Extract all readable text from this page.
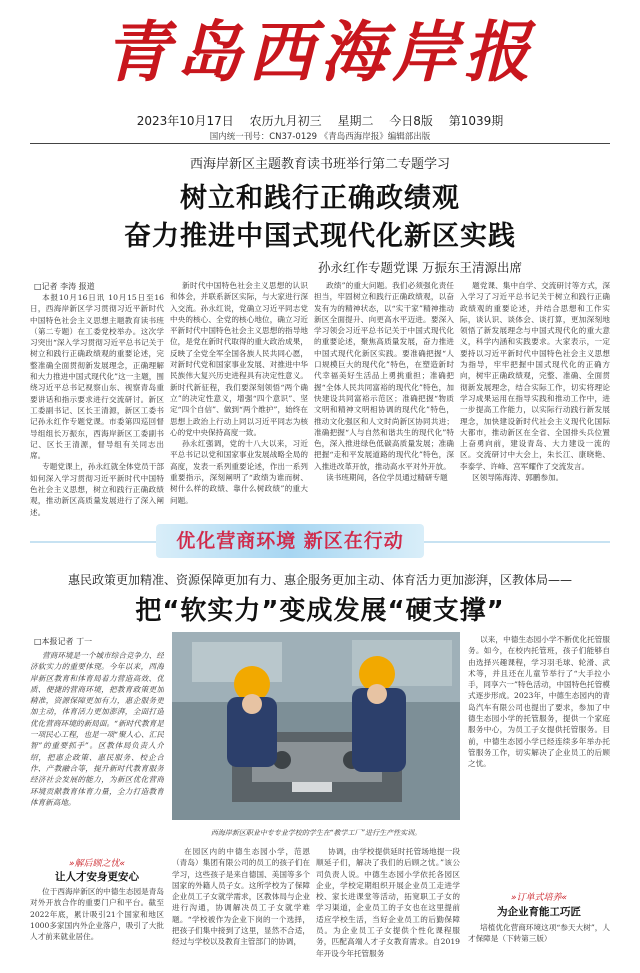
青岛西海岸报
2023年10月17日 农历九月初三 星期二 今日8版 第1039期
国内统一刊号：CN37-0129 《青岛西海岸报》编辑部出版
西海岸新区主题教育读书班举行第二专题学习
树立和践行正确政绩观
奋力推进中国式现代化新区实践
孙永红作专题党课 万振东王清源出席
□记者 李涛 报道

本报10月16日讯 10月15日至16日，西海岸新区学习贯彻习近平新时代中国特色社会主义思想主题教育读书班（第二专题）在工委党校举办。这次学习突出“深入学习贯彻习近平总书记关于树立和践行正确政绩观的重要论述，完整准确全面贯彻新发展理念，正确理解和大力推进中国式现代化”这一主题，围绕习近平总书记视察山东、视察青岛重要讲话和指示要求进行交流研讨。新区工委副书记、区长王清源，新区工委书记孙永红作专题党课。市委第四巡回督导组组长万振东，西海岸新区工委副书记、区长王清源，督导组有关同志出席。

专题党课上，孙永红就全体党员干部如何深入学习贯彻习近平新时代中国特色社会主义思想，树立和践行正确政绩观，推动新区高质量发展进行了深入阐述。

新时代中国特色社会主义思想的认识和体会，并联系新区实际，与大家进行深入交流。孙永红说，党确立习近平同志党中央的核心、全党的核心地位，确立习近平新时代中国特色社会主义思想的指导地位，是党在新时代取得的重大政治成果，反映了全党全军全国各族人民共同心愿，对新时代党和国家事业发展、对推进中华民族伟大复兴历史进程具有决定性意义。新时代新征程，我们要深刻领悟“两个确立”的决定性意义，增强“四个意识”、坚定“四个自信”、做到“两个维护”，始终在思想上政治上行动上同以习近平同志为核心的党中央保持高度一致。

孙永红强调，党的十八大以来，习近平总书记以党和国家事业发展战略全局的高度，发表一系列重要论述，作出一系列重要指示，深刻阐明了“政绩为谁而树、树什么样的政绩、靠什么树政绩”的重大问题。

政绩”的重大问题。我们必须强化责任担当，牢固树立和践行正确政绩观，以奋发有为的精神状态，以“实干家”精神推动新区全面提升、向更高水平迈进。要深入学习领会习近平总书记关于中国式现代化的重要论述，聚焦高质量发展，奋力推进中国式现代化新区实践。要准确把握“人口规模巨大的现代化”特色，在塑造新时代幸福美好生活品上勇挑重担；准确把握“全体人民共同富裕的现代化”特色，加快建设共同富裕示范区；准确把握“物质文明和精神文明相协调的现代化”特色，推动文化强区和人文时尚新区协同共进；准确把握“人与自然和谐共生的现代化”特色，深入推进绿色低碳高质量发展；准确把握“走和平发展道路的现代化”特色，深入推进改革开放，推动高水平对外开放。

读书班期间，各位学员通过精研专题

题党课、集中自学、交流研讨等方式，深入学习了习近平总书记关于树立和践行正确政绩观的重要论述，并结合思想和工作实际，谈认识、谈体会、谈打算，更加深刻地领悟了新发展理念与中国式现代化的重大意义，科学内涵和实践要求。大家表示，一定要持以习近平新时代中国特色社会主义思想为指导，牢牢把握中国式现代化的正确方向，树牢正确政绩观，完整、准确、全面贯彻新发展理念，结合实际工作，切实将理论学习成果运用在指导实践和推动工作中，进一步提高工作能力，以实际行动践行新发展理念，加快建设新时代社会主义现代化国际大都市，推动新区在全省、全国排头兵位置上奋勇向前，建设青岛、大力建设一流的区。交流研讨中大会上，朱长江、康晓艳、李泰学、许峰、宫军耀作了交流发言。

区领导陈海涛、郭鹏参加。

优化营商环境 新区在行动
惠民政策更加精准、资源保障更加有力、惠企服务更加主动、体育活力更加澎湃，区教体局——
把“软实力”变成发展“硬支撑”
□本报记者 丁一

营商环境是一个城市综合竞争力、经济软实力的重要体现。今年以来，西海岸新区教育和体育局着力营造高效、优质、便捷的营商环境，把教育政策更加精准，资源保障更加有力，惠企服务更加主动，体育活力更加澎湃，全面打造优化营商环境的新局面。“新时代教育是一项民心工程，也是一项“聚人心、汇民智”的重要抓手”。区教体局负责人介绍，把惠企政策、惠民服务、校企合作、产教融合等，提升新时代教育服务经济社会发展的能力，为新区优化营商环境贡献教育体育力量，全力打造教育体育新高地。

»解后顾之忧«
让人才安身更安心

位于西海岸新区的中德生态园是青岛对外开放合作的重要门户和平台。截至2022年底，累计吸引21个国家和地区1000多家国内外企业落户，吸引了大批人才前来就业居住。

西海岸新区职业中专专业学校的学生在“教学工厂”进行生产性实训。

在园区内的中德生态园小学，范恩（青岛）集团有限公司的员工的孩子们在学习，这些孩子是来自德国、美国等多个国家的外籍人员子女。这所学校为了保障企业员工子女就学需求，区教体局与企业进行沟通，协调解决员工子女就学难题。“学校被作为企业下岗的一个选择，把孩子们集中接到了这里，显然不合适，经过与学校以及教育主管部门的协调，

协调，由学校提供延时托管场地提一段顺延子们，解决了我们的后顾之忧。”该公司负责人说。中德生态园小学依托各园区企业，学校定期组织开展企业员工走进学校、家长进课堂等活动，拓宽职工子女的学习渠道，企业员工的子女也在这里提前适应学校生活，当好企业员工的后勤保障员。为企业员工子女提供个性化课程服务，匹配高端人才子女教育需求。自2019年开设今年托管服务

以来，中德生态园小学不断优化托管服务。如今，在校内托管班，孩子们能够自由选择兴趣课程，学习羽毛球、轮滑、武术等，并且还在儿童节举行了“大手拉小手，同享六一”特色活动，中国特色托管模式逐步形成。2023年，中德生态园内的青岛汽车有限公司也提出了要求，参加了中德生态园小学的托管服务，提供一个家庭服务中心，为员工子女提供托管服务。目前，中德生态园小学已经连续多年举办托管服务工作，切实解决了企业员工的后顾之忧。

»订单式培养«
为企业育能工巧匠

培植优化营商环境这项“参天大树”，人才保障是（下转第三版）
